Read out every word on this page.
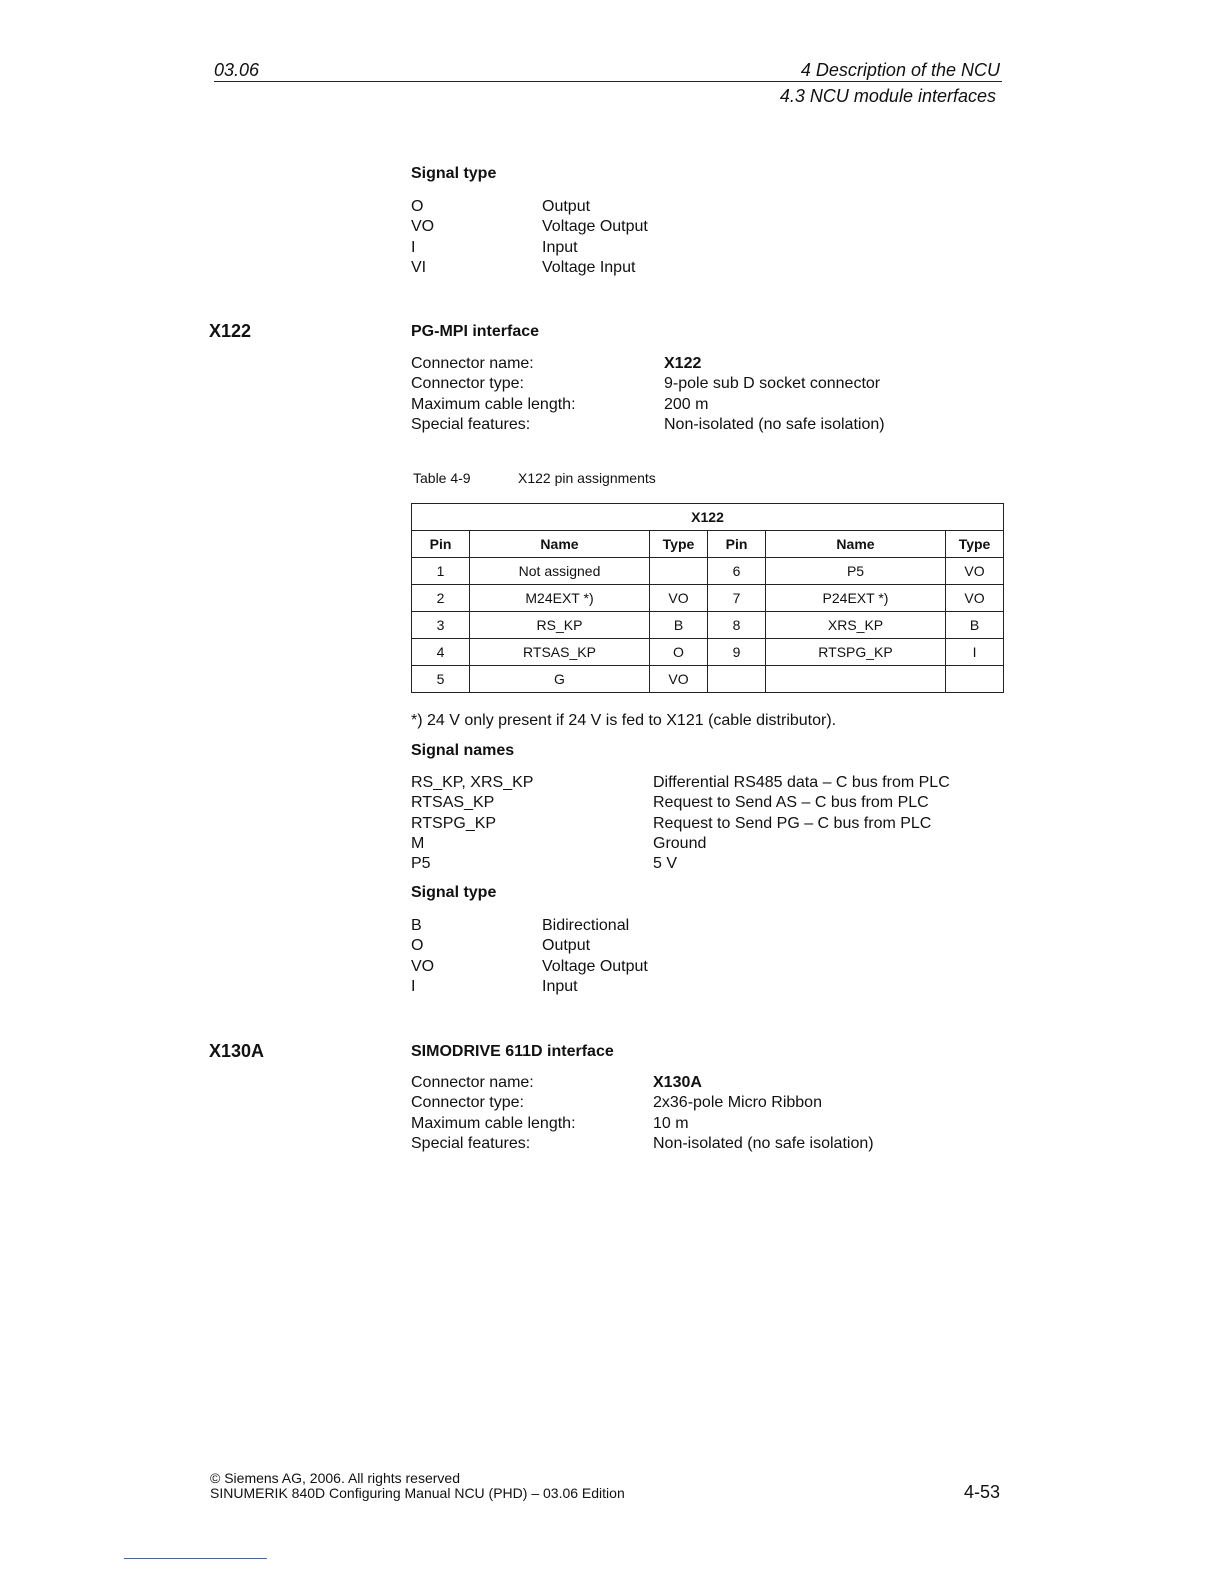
03.06	4 Description of the NCU
4.3 NCU module interfaces
Signal type
O	Output
VO	Voltage Output
I	Input
VI	Voltage Input
X122	PG-MPI interface
Connector name:	X122
Connector type:	9-pole sub D socket connector
Maximum cable length:	200 m
Special features:	Non-isolated (no safe isolation)
Table 4-9	X122 pin assignments
X122					
Pin	Name	Type	Pin	Name	Type
1	Not assigned		6	P5	VO
2	M24EXT *)	VO	7	P24EXT *)	VO
3	RS_KP	B	8	XRS_KP	B
4	RTSAS_KP	O	9	RTSPG_KP	I
5	G	VO			
*) 24 V only present if 24 V is fed to X121 (cable distributor).
Signal names
RS_KP, XRS_KP	Differential RS485 data – C bus from PLC
RTSAS_KP	Request to Send AS – C bus from PLC
RTSPG_KP	Request to Send PG – C bus from PLC
M	Ground
P5	5 V
Signal type
B	Bidirectional
O	Output
VO	Voltage Output
I	Input
X130A	SIMODRIVE 611D interface
Connector name:	X130A
Connector type:	2x36-pole Micro Ribbon
Maximum cable length:	10 m
Special features:	Non-isolated (no safe isolation)
© Siemens AG, 2006. All rights reserved
SINUMERIK 840D Configuring Manual NCU (PHD) – 03.06 Edition	4-53
